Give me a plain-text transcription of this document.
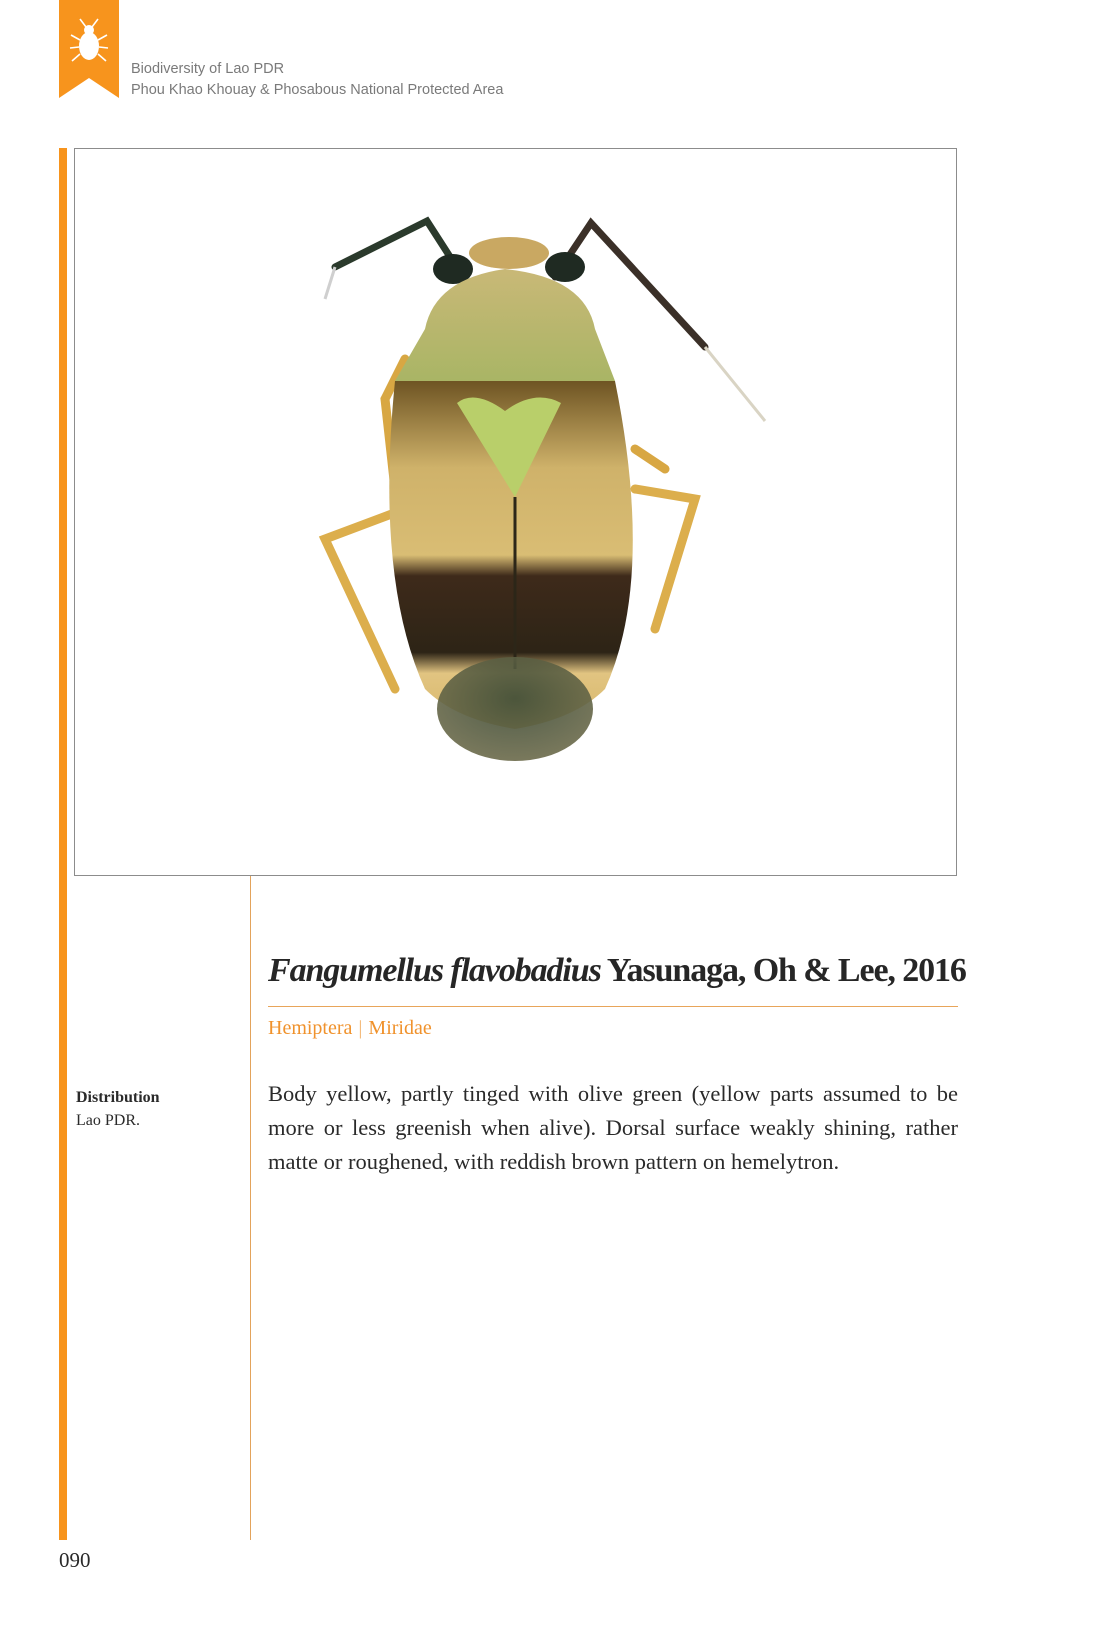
Biodiversity of Lao PDR
Phou Khao Khouay & Phosabous National Protected Area
Fangumellus flavobadius Yasunaga, Oh & Lee, 2016
Hemiptera | Miridae
Distribution
Lao PDR.

Body yellow, partly tinged with olive green (yellow parts assumed to be more or less greenish when alive). Dorsal surface weakly shining, rather matte or roughened, with reddish brown pattern on hemelytron.

090
